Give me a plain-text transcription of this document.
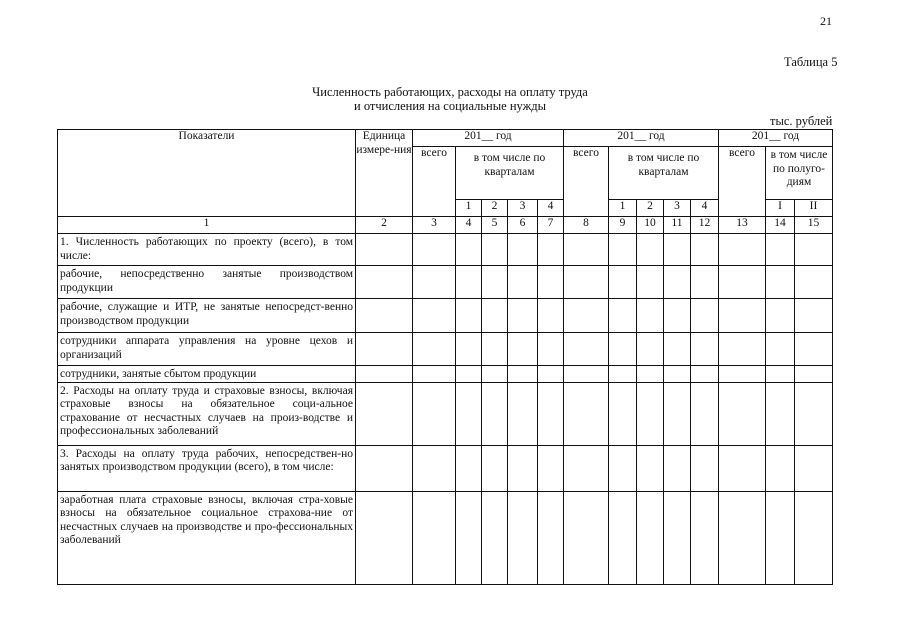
21
Таблица 5
Численность работающих, расходы на оплату труда
и отчисления на социальные нужды
тыс. рублей
Показатели	Единица измере-ния	201__ год					201__ год					201__ год		
		всего	в том числе по кварталам				всего	в том числе по кварталам				всего	в том числе по полуго-диям	

			1	2	3	4		1	2	3	4		I	II
1	2	3	4	5	6	7	8	9	10	11	12	13	14	15
1. Численность работающих по проекту (всего), в том числе:														
рабочие, непосредственно занятые производством продукции														
рабочие, служащие и ИТР, не занятые непосредст-венно производством продукции														
сотрудники аппарата управления на уровне цехов и организаций														
сотрудники, занятые сбытом продукции														
2. Расходы на оплату труда и страховые взносы, включая страховые взносы на обязательное соци-альное страхование от несчастных случаев на произ-водстве и профессиональных заболеваний														
3. Расходы на оплату труда рабочих, непосредствен-но занятых производством продукции (всего), в том числе:														
заработная плата страховые взносы, включая стра-ховые взносы на обязательное социальное страхова-ние от несчастных случаев на производстве и про-фессиональных заболеваний														
